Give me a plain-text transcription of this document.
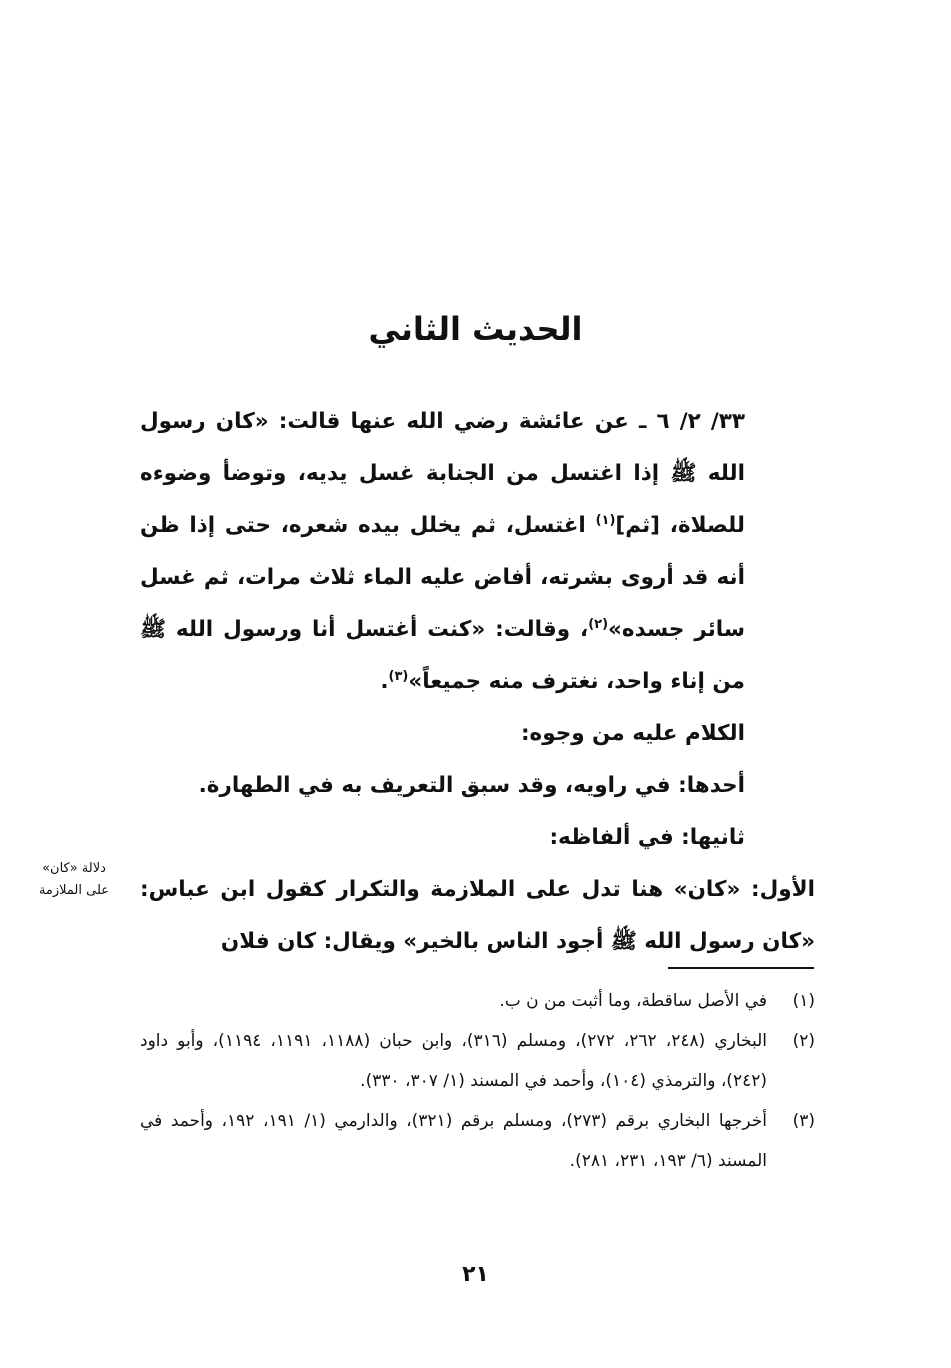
الحديث الثاني

٣٣/ ٢/ ٦ ـ عن عائشة رضي الله عنها قالت: «كان رسول الله ﷺ إذا اغتسل من الجنابة غسل يديه، وتوضأ وضوءه للصلاة، [ثم]$^{(١)}$ اغتسل، ثم يخلل بيده شعره، حتى إذا ظن أنه قد أروى بشرته، أفاض عليه الماء ثلاث مرات، ثم غسل سائر جسده»$^{(٢)}$، وقالت: «كنت أغتسل أنا ورسول الله ﷺ من إناء واحد، نغترف منه جميعاً»$^{(٣)}$.

الكلام عليه من وجوه:

أحدها: في راويه، وقد سبق التعريف به في الطهارة.

ثانيها: في ألفاظه:

الأول: «كان» هنا تدل على الملازمة والتكرار كقول ابن عباس: «كان رسول الله ﷺ أجود الناس بالخير» ويقال: كان فلان

دلالة «كان»
على الملازمة
(١)
في الأصل ساقطة، وما أثبت من ن ب.
(٢)
البخاري (٢٤٨، ٢٦٢، ٢٧٢)، ومسلم (٣١٦)، وابن حبان (١١٨٨، ١١٩١، ١١٩٤)، وأبو داود (٢٤٢)، والترمذي (١٠٤)، وأحمد في المسند (١/ ٣٠٧، ٣٣٠).
(٣)
أخرجها البخاري برقم (٢٧٣)، ومسلم برقم (٣٢١)، والدارمي (١/ ١٩١، ١٩٢، وأحمد في المسند (٦/ ١٩٣، ٢٣١، ٢٨١).
٢١
